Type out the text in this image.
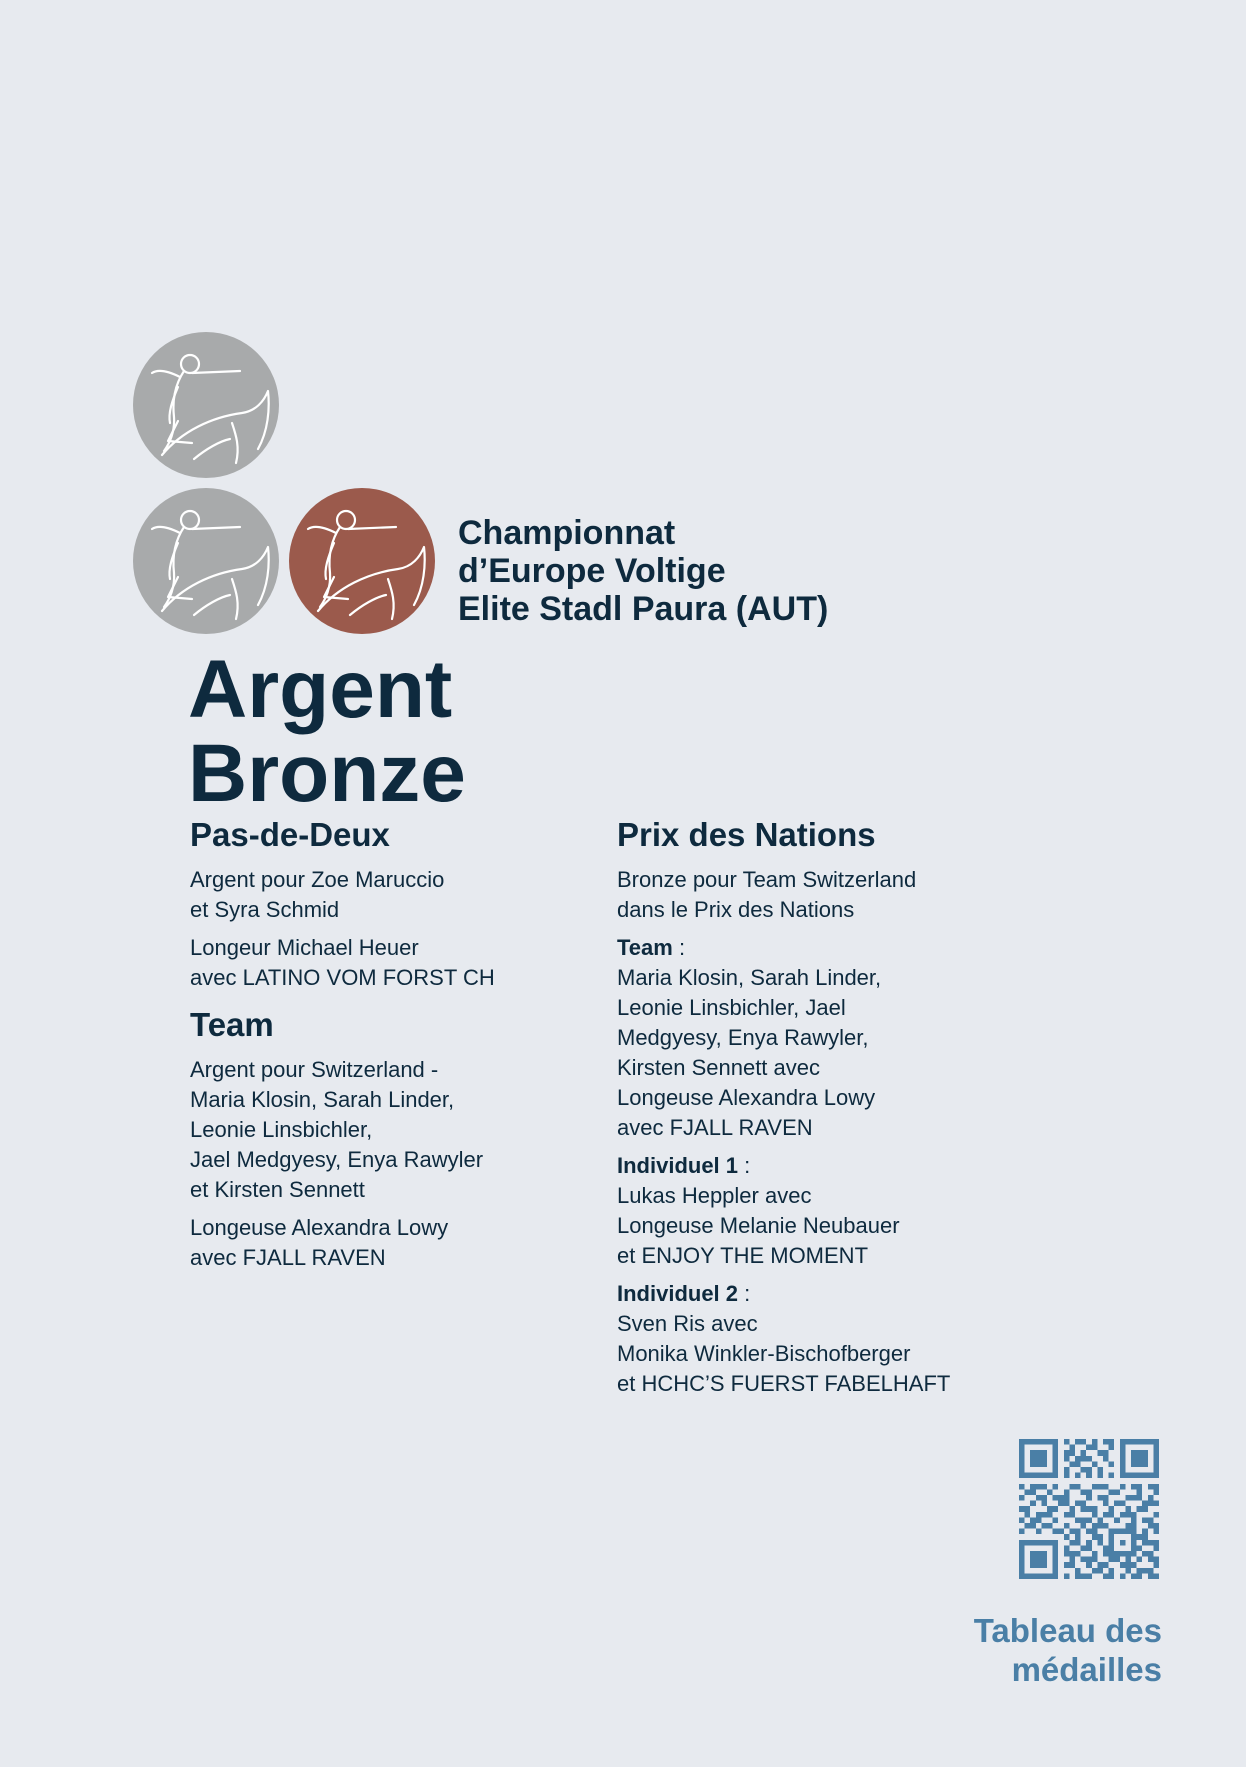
Championnat
d’Europe Voltige
Elite Stadl Paura (AUT)
Argent
Bronze
Pas-de-Deux
Argent pour Zoe Maruccio
et Syra Schmid
Longeur Michael Heuer
avec LATINO VOM FORST CH
Team
Argent pour Switzerland -
Maria Klosin, Sarah Linder,
Leonie Linsbichler,
Jael Medgyesy, Enya Rawyler
et Kirsten Sennett
Longeuse Alexandra Lowy
avec FJALL RAVEN
Prix des Nations
Bronze pour Team Switzerland
dans le Prix des Nations
Team :
Maria Klosin, Sarah Linder,
Leonie Linsbichler, Jael
Medgyesy, Enya Rawyler,
Kirsten Sennett avec
Longeuse Alexandra Lowy
avec FJALL RAVEN
Individuel 1 :
Lukas Heppler avec
Longeuse Melanie Neubauer
et ENJOY THE MOMENT
Individuel 2 :
Sven Ris avec
Monika Winkler-Bischofberger
et HCHC’S FUERST FABELHAFT
Tableau des
médailles
